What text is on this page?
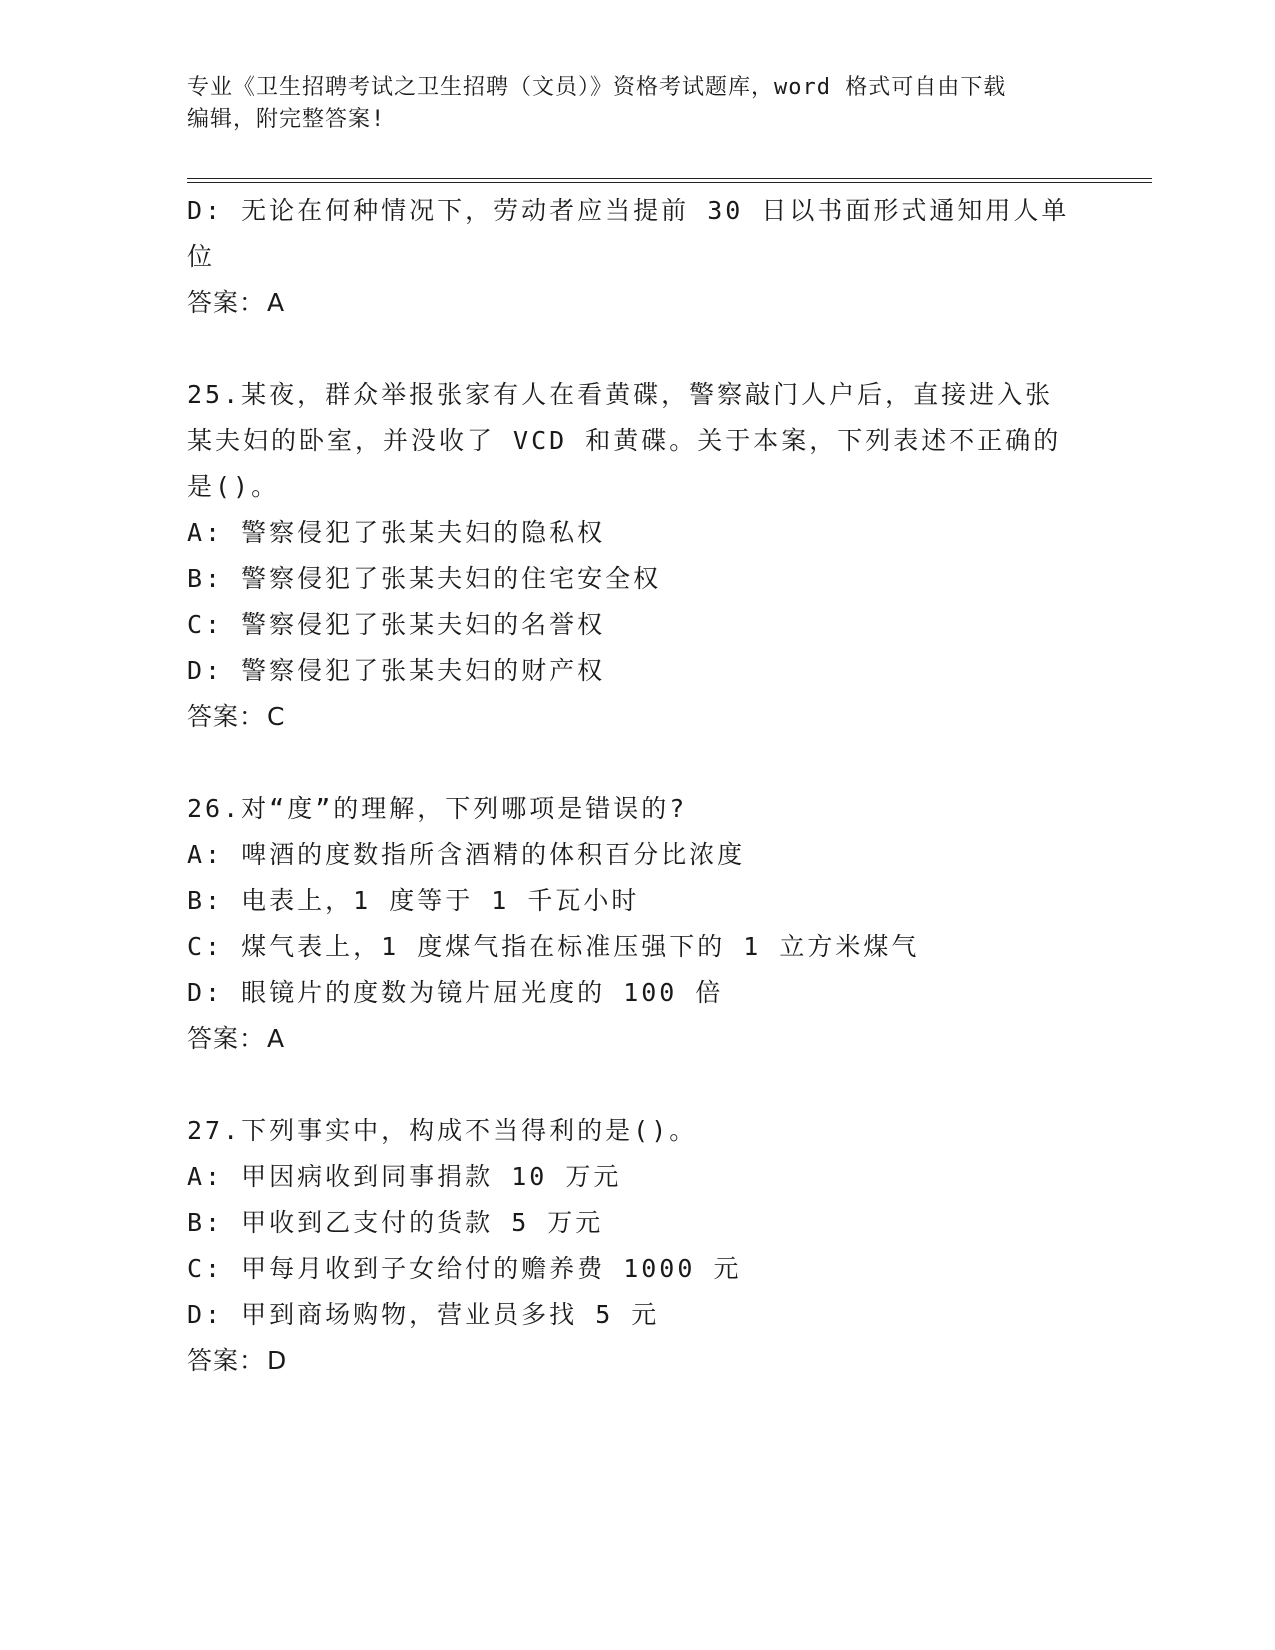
专业《卫生招聘考试之卫生招聘（文员）》资格考试题库，word 格式可自由下载
编辑，附完整答案!
D: 无论在何种情况下，劳动者应当提前 30 日以书面形式通知用人单
位
答案：A
25.某夜，群众举报张家有人在看黄碟，警察敲门人户后，直接进入张
某夫妇的卧室，并没收了 VCD 和黄碟。关于本案，下列表述不正确的
是()。
A: 警察侵犯了张某夫妇的隐私权
B: 警察侵犯了张某夫妇的住宅安全权
C: 警察侵犯了张某夫妇的名誉权
D: 警察侵犯了张某夫妇的财产权
答案：C
26.对“度”的理解，下列哪项是错误的?
A: 啤酒的度数指所含酒精的体积百分比浓度
B: 电表上，1 度等于 1 千瓦小时
C: 煤气表上，1 度煤气指在标准压强下的 1 立方米煤气
D: 眼镜片的度数为镜片屈光度的 100 倍
答案：A
27.下列事实中，构成不当得利的是()。
A: 甲因病收到同事捐款 10 万元
B: 甲收到乙支付的货款 5 万元
C: 甲每月收到子女给付的赡养费 1000 元
D: 甲到商场购物，营业员多找 5 元
答案：D
